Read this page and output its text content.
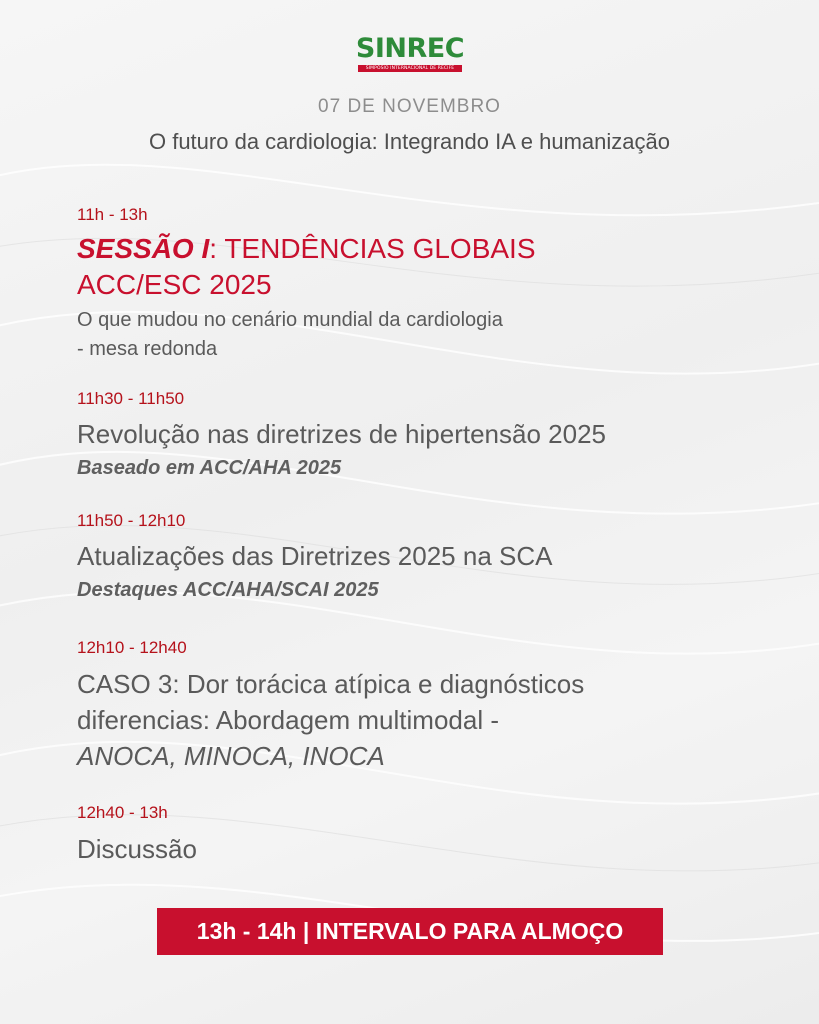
SINREC
SIMPÓSIO INTERNACIONAL DE RECIFE
07 DE NOVEMBRO
O futuro da cardiologia: Integrando IA e humanização
11h - 13h
SESSÃO I: TENDÊNCIAS GLOBAIS
ACC/ESC 2025
O que mudou no cenário mundial da cardiologia
- mesa redonda
11h30 - 11h50
Revolução nas diretrizes de hipertensão 2025
Baseado em ACC/AHA 2025
11h50 - 12h10
Atualizações das Diretrizes 2025 na SCA
Destaques ACC/AHA/SCAI 2025
12h10 - 12h40
CASO 3: Dor torácica atípica e diagnósticos
diferencias: Abordagem multimodal -
ANOCA, MINOCA, INOCA
12h40 - 13h
Discussão
13h - 14h | INTERVALO PARA ALMOÇO
